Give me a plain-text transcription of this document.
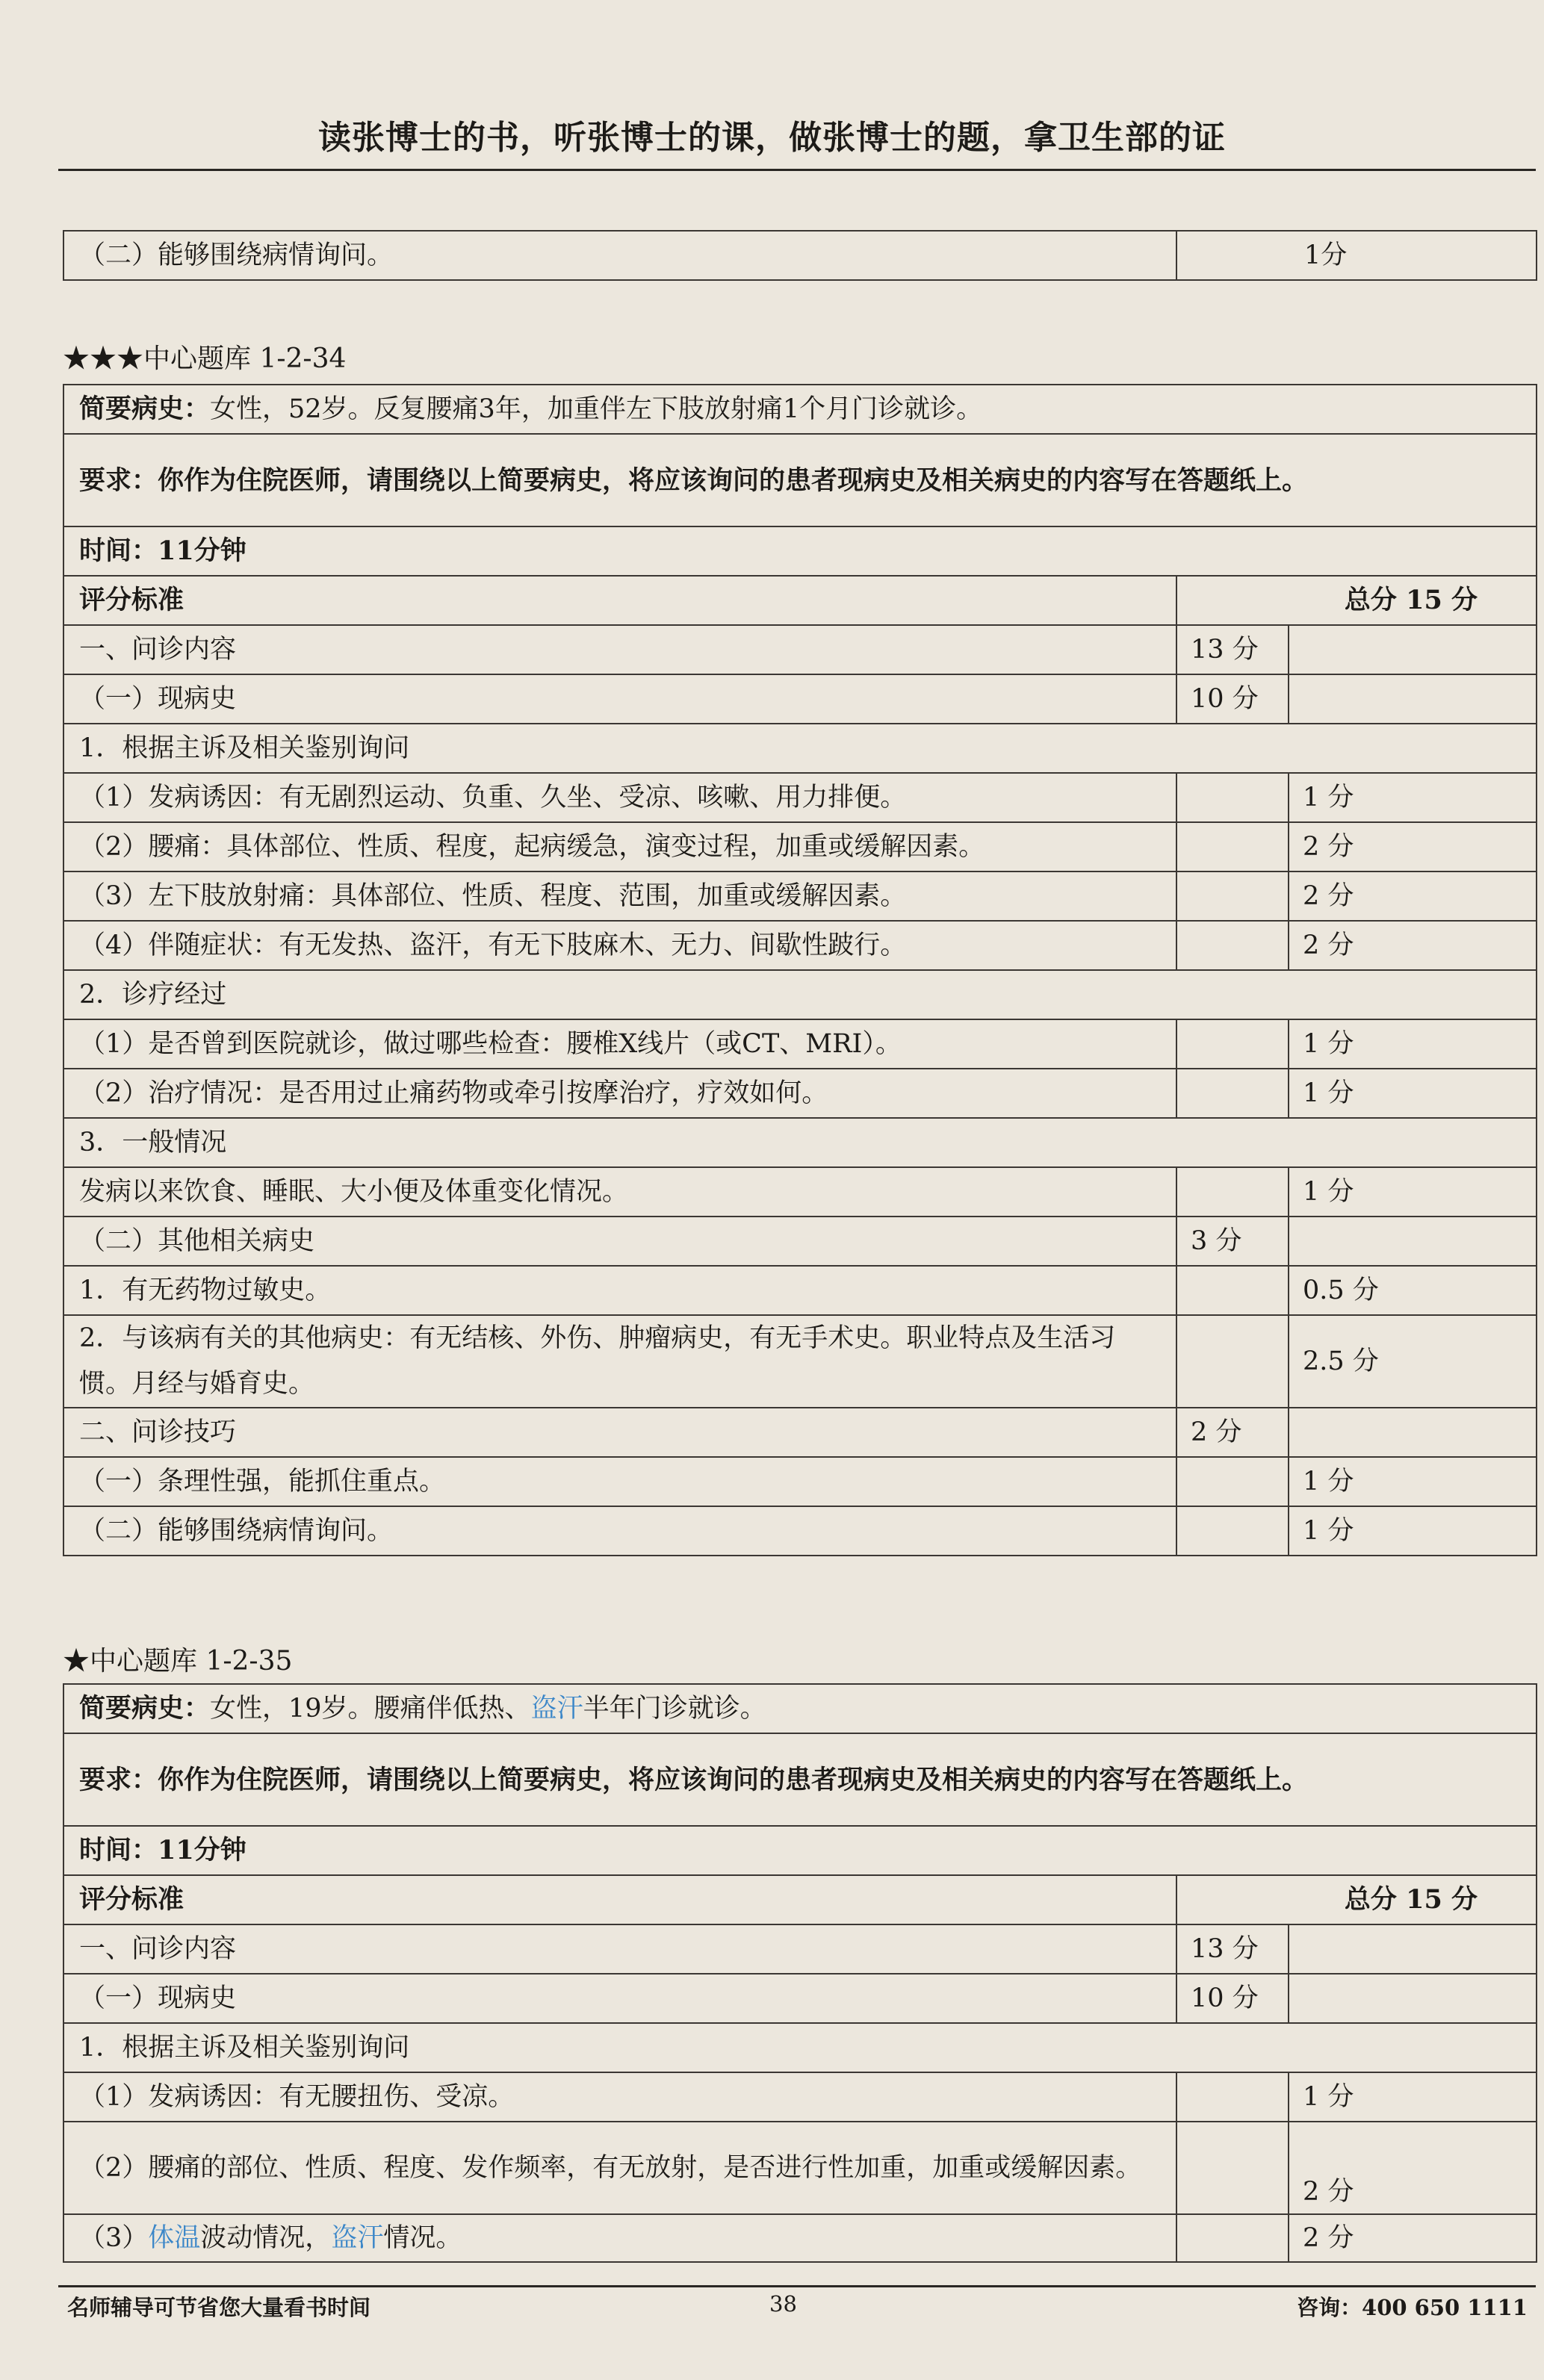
读张博士的书，听张博士的课，做张博士的题，拿卫生部的证
（二）能够围绕病情询问。	1分
★★★中心题库 1-2-34
简要病史：女性，52岁。反复腰痛3年，加重伴左下肢放射痛1个月门诊就诊。		
要求：你作为住院医师，请围绕以上简要病史，将应该询问的患者现病史及相关病史的内容写在答题纸上。		
时间：11分钟		
评分标准	总分 15 分	
一、问诊内容	13 分	
（一）现病史	10 分	
1．根据主诉及相关鉴别询问		
（1）发病诱因：有无剧烈运动、负重、久坐、受凉、咳嗽、用力排便。		1 分
（2）腰痛：具体部位、性质、程度，起病缓急，演变过程，加重或缓解因素。		2 分
（3）左下肢放射痛：具体部位、性质、程度、范围，加重或缓解因素。		2 分
（4）伴随症状：有无发热、盗汗，有无下肢麻木、无力、间歇性跛行。		2 分
2．诊疗经过		
（1）是否曾到医院就诊，做过哪些检查：腰椎X线片（或CT、MRI）。		1 分
（2）治疗情况：是否用过止痛药物或牵引按摩治疗，疗效如何。		1 分
3．一般情况		
发病以来饮食、睡眠、大小便及体重变化情况。		1 分
（二）其他相关病史	3 分	
1．有无药物过敏史。		0.5 分
2．与该病有关的其他病史：有无结核、外伤、肿瘤病史，有无手术史。职业特点及生活习惯。月经与婚育史。		2.5 分
二、问诊技巧	2 分	
（一）条理性强，能抓住重点。		1 分
（二）能够围绕病情询问。		1 分
★中心题库 1-2-35
简要病史：女性，19岁。腰痛伴低热、盗汗半年门诊就诊。		
要求：你作为住院医师，请围绕以上简要病史，将应该询问的患者现病史及相关病史的内容写在答题纸上。		
时间：11分钟		
评分标准	总分 15 分	
一、问诊内容	13 分	
（一）现病史	10 分	
1．根据主诉及相关鉴别询问		
（1）发病诱因：有无腰扭伤、受凉。		1 分
（2）腰痛的部位、性质、程度、发作频率，有无放射，是否进行性加重，加重或缓解因素。		2 分
（3）体温波动情况，盗汗情况。		2 分
名师辅导可节省您大量看书时间	38	咨询：400 650 1111
